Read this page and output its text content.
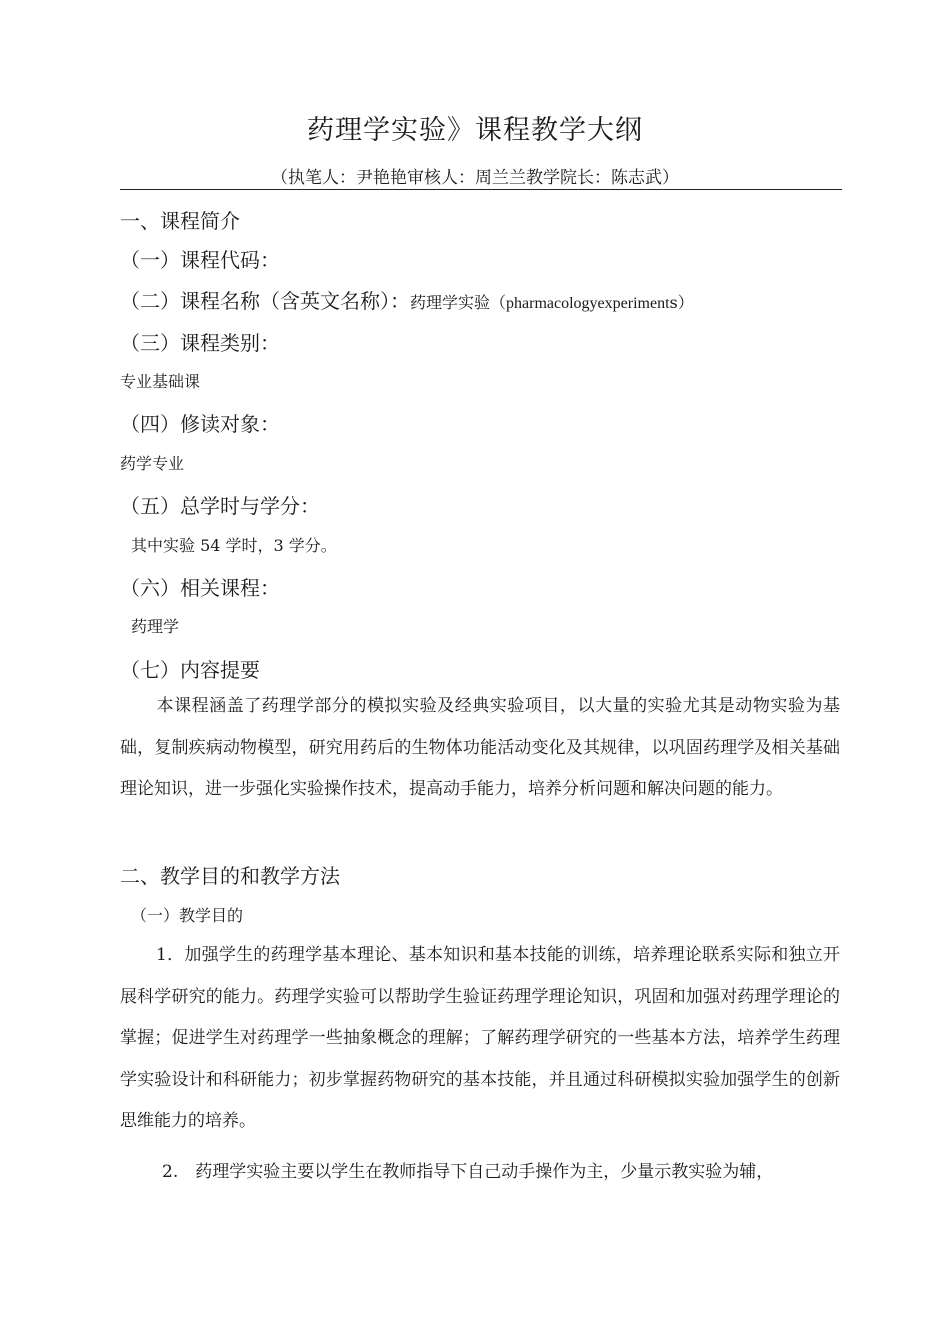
药理学实验》课程教学大纲
（执笔人：尹艳艳审核人：周兰兰教学院长：陈志武）
一、课程简介
（一）课程代码：
（二）课程名称（含英文名称）：药理学实验（pharmacologyexperiments）
（三）课程类别：
专业基础课
（四）修读对象：
药学专业
（五）总学时与学分：
其中实验 54 学时，3 学分。
（六）相关课程：
药理学
（七）内容提要
本课程涵盖了药理学部分的模拟实验及经典实验项目，以大量的实验尤其是动物实验为基础，复制疾病动物模型，研究用药后的生物体功能活动变化及其规律，以巩固药理学及相关基础理论知识，进一步强化实验操作技术，提高动手能力，培养分析问题和解决问题的能力。
二、教学目的和教学方法
（一）教学目的
1．加强学生的药理学基本理论、基本知识和基本技能的训练，培养理论联系实际和独立开展科学研究的能力。药理学实验可以帮助学生验证药理学理论知识，巩固和加强对药理学理论的掌握；促进学生对药理学一些抽象概念的理解；了解药理学研究的一些基本方法，培养学生药理学实验设计和科研能力；初步掌握药物研究的基本技能，并且通过科研模拟实验加强学生的创新思维能力的培养。
2.　药理学实验主要以学生在教师指导下自己动手操作为主，少量示教实验为辅，
